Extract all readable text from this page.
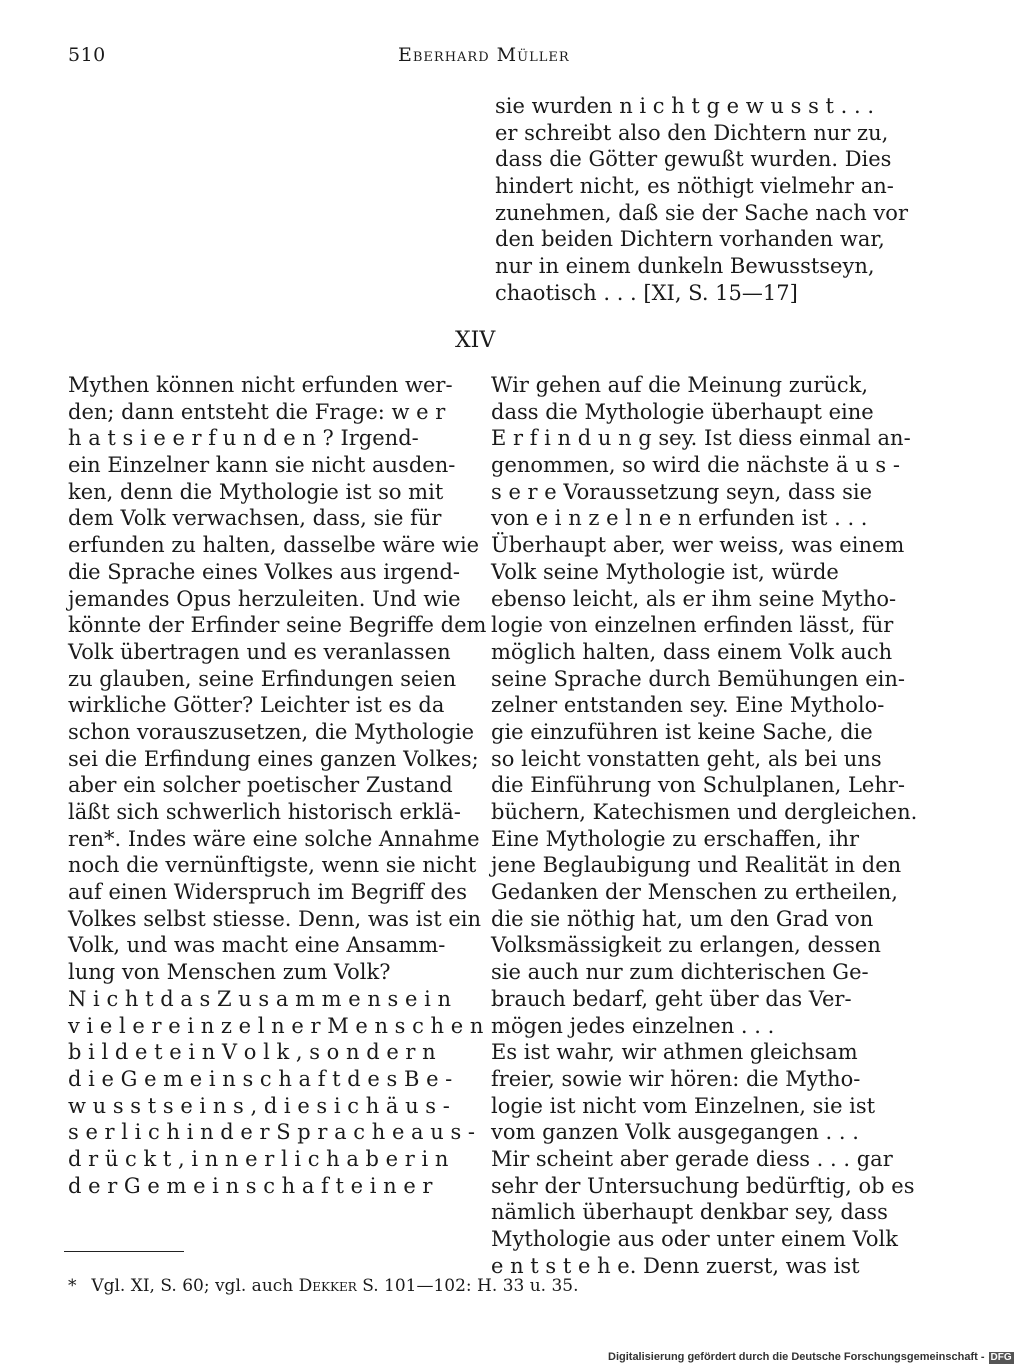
510	Eberhard Müller
sie wurden n i c h t g e w u s s t . . .
er schreibt also den Dichtern nur zu,
dass die Götter gewußt wurden. Dies
hindert nicht, es nöthigt vielmehr an-
zunehmen, daß sie der Sache nach vor
den beiden Dichtern vorhanden war,
nur in einem dunkeln Bewusstseyn,
chaotisch . . . [XI, S. 15—17]
XIV
Mythen können nicht erfunden wer-
den; dann entsteht die Frage: w e r
h a t s i e e r f u n d e n ? Irgend-
ein Einzelner kann sie nicht ausden-
ken, denn die Mythologie ist so mit
dem Volk verwachsen, dass, sie für
erfunden zu halten, dasselbe wäre wie
die Sprache eines Volkes aus irgend-
jemandes Opus herzuleiten. Und wie
könnte der Erfinder seine Begriffe dem
Volk übertragen und es veranlassen
zu glauben, seine Erfindungen seien
wirkliche Götter? Leichter ist es da
schon vorauszusetzen, die Mythologie
sei die Erfindung eines ganzen Volkes;
aber ein solcher poetischer Zustand
läßt sich schwerlich historisch erklä-
ren*. Indes wäre eine solche Annahme
noch die vernünftigste, wenn sie nicht
auf einen Widerspruch im Begriff des
Volkes selbst stiesse. Denn, was ist ein
Volk, und was macht eine Ansamm-
lung von Menschen zum Volk?
N i c h t d a s Z u s a m m e n s e i n
v i e l e r e i n z e l n e r M e n s c h e n
b i l d e t e i n V o l k , s o n d e r n
d i e G e m e i n s c h a f t d e s B e -
w u s s t s e i n s , d i e s i c h ä u s -
s e r l i c h i n d e r S p r a c h e a u s -
d r ü c k t , i n n e r l i c h a b e r i n
d e r G e m e i n s c h a f t e i n e r
Wir gehen auf die Meinung zurück,
dass die Mythologie überhaupt eine
E r f i n d u n g sey. Ist diess einmal an-
genommen, so wird die nächste ä u s -
s e r e Voraussetzung seyn, dass sie
von e i n z e l n e n erfunden ist . . .
Überhaupt aber, wer weiss, was einem
Volk seine Mythologie ist, würde
ebenso leicht, als er ihm seine Mytho-
logie von einzelnen erfinden lässt, für
möglich halten, dass einem Volk auch
seine Sprache durch Bemühungen ein-
zelner entstanden sey. Eine Mytholo-
gie einzuführen ist keine Sache, die
so leicht vonstatten geht, als bei uns
die Einführung von Schulplanen, Lehr-
büchern, Katechismen und dergleichen.
Eine Mythologie zu erschaffen, ihr
jene Beglaubigung und Realität in den
Gedanken der Menschen zu ertheilen,
die sie nöthig hat, um den Grad von
Volksmässigkeit zu erlangen, dessen
sie auch nur zum dichterischen Ge-
brauch bedarf, geht über das Ver-
mögen jedes einzelnen . . .
Es ist wahr, wir athmen gleichsam
freier, sowie wir hören: die Mytho-
logie ist nicht vom Einzelnen, sie ist
vom ganzen Volk ausgegangen . . .
Mir scheint aber gerade diess . . . gar
sehr der Untersuchung bedürftig, ob es
nämlich überhaupt denkbar sey, dass
Mythologie aus oder unter einem Volk
e n t s t e h e. Denn zuerst, was ist
* Vgl. XI, S. 60; vgl. auch Dekker S. 101—102: H. 33 u. 35.
Digitalisierung gefördert durch die Deutsche Forschungsgemeinschaft - DFG
